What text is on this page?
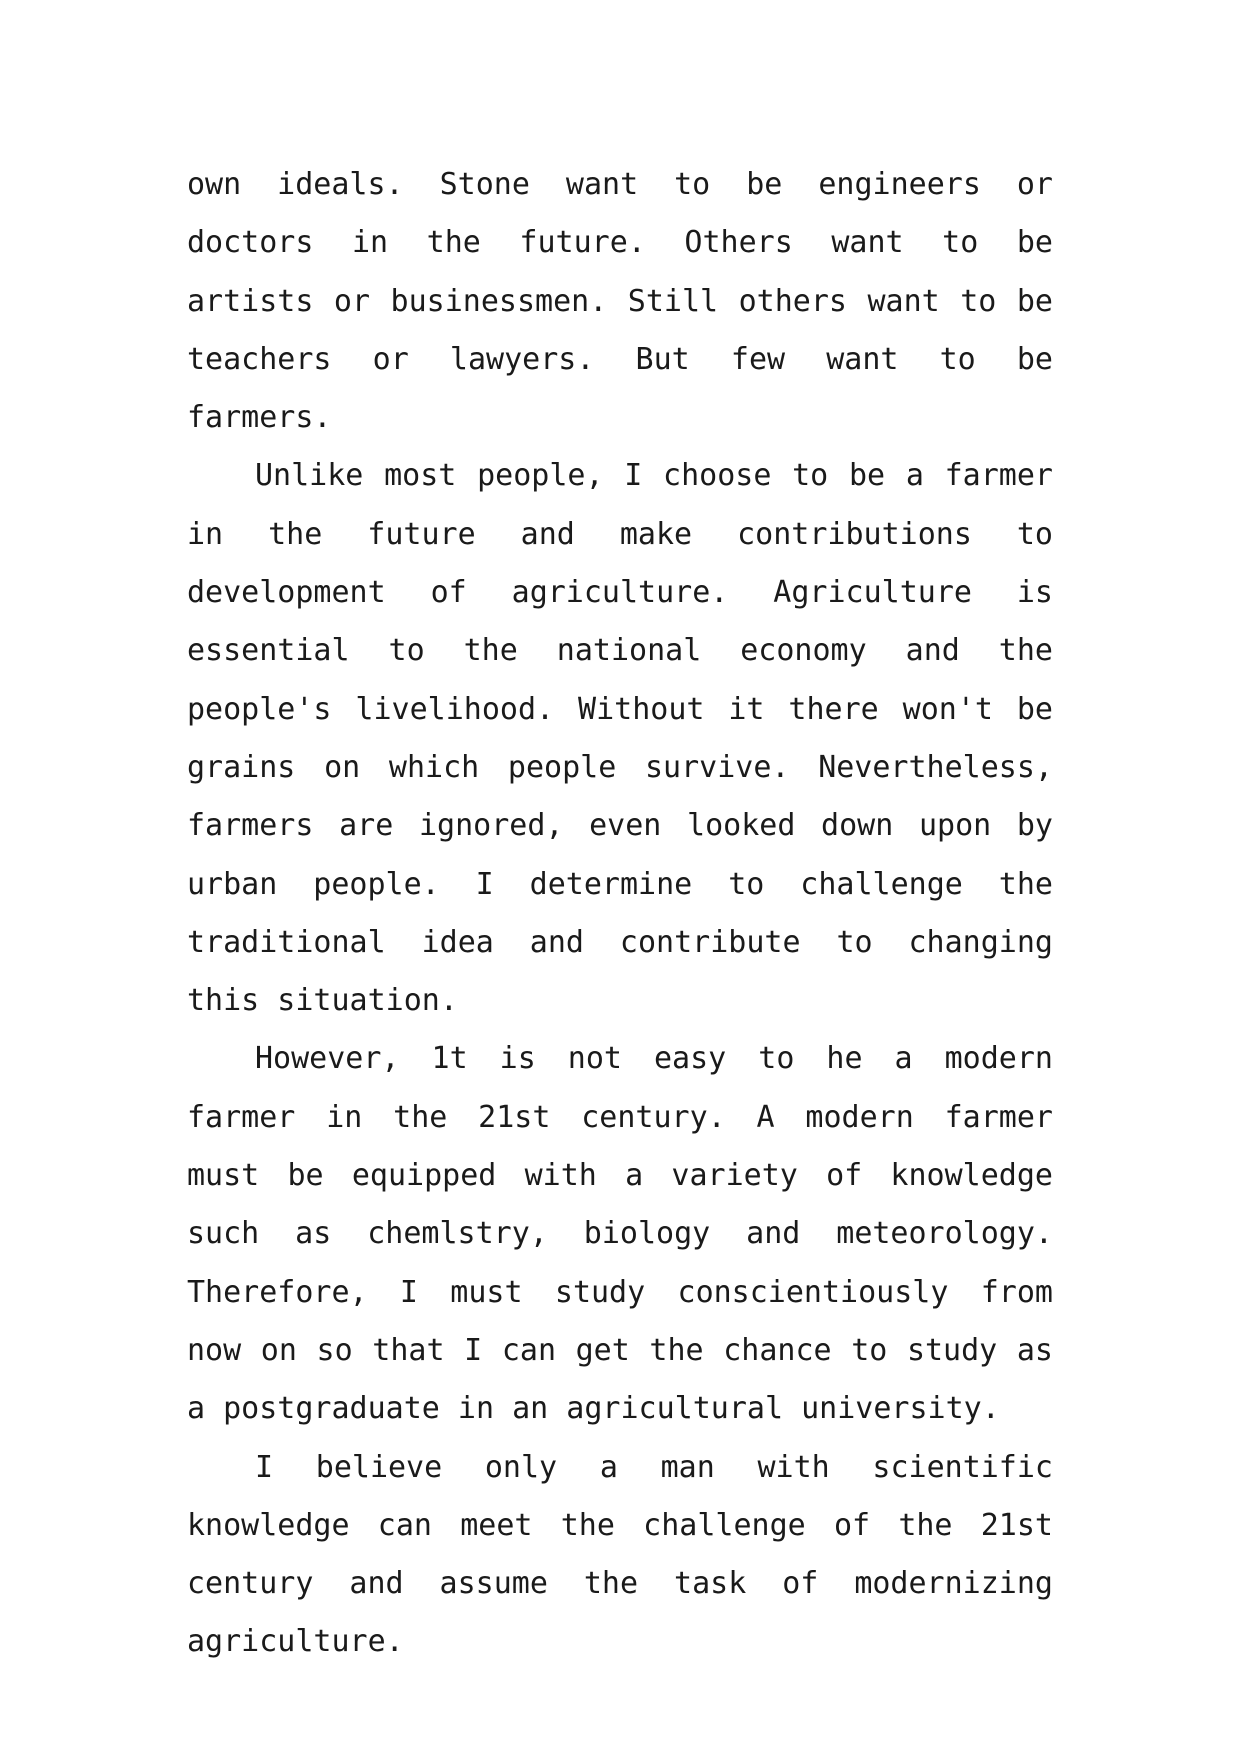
own ideals. Stone want to be engineers or doctors in the future. Others want to be artists or businessmen. Still others want to be teachers or lawyers. But few want to be farmers.

Unlike most people, I choose to be a farmer in the future and make contributions to development of agriculture. Agriculture is essential to the national economy and the people's livelihood. Without it there won't be grains on which people survive. Nevertheless, farmers are ignored, even looked down upon by urban people. I determine to challenge the traditional idea and contribute to changing this situation.

However, 1t is not easy to he a modern farmer in the 21st century. A modern farmer must be equipped with a variety of knowledge such as chemlstry, biology and meteorology. Therefore, I must study conscientiously from now on so that I can get the chance to study as a postgraduate in an agricultural university.

I believe only a man with scientific knowledge can meet the challenge of the 21st century and assume the task of modernizing agriculture.
